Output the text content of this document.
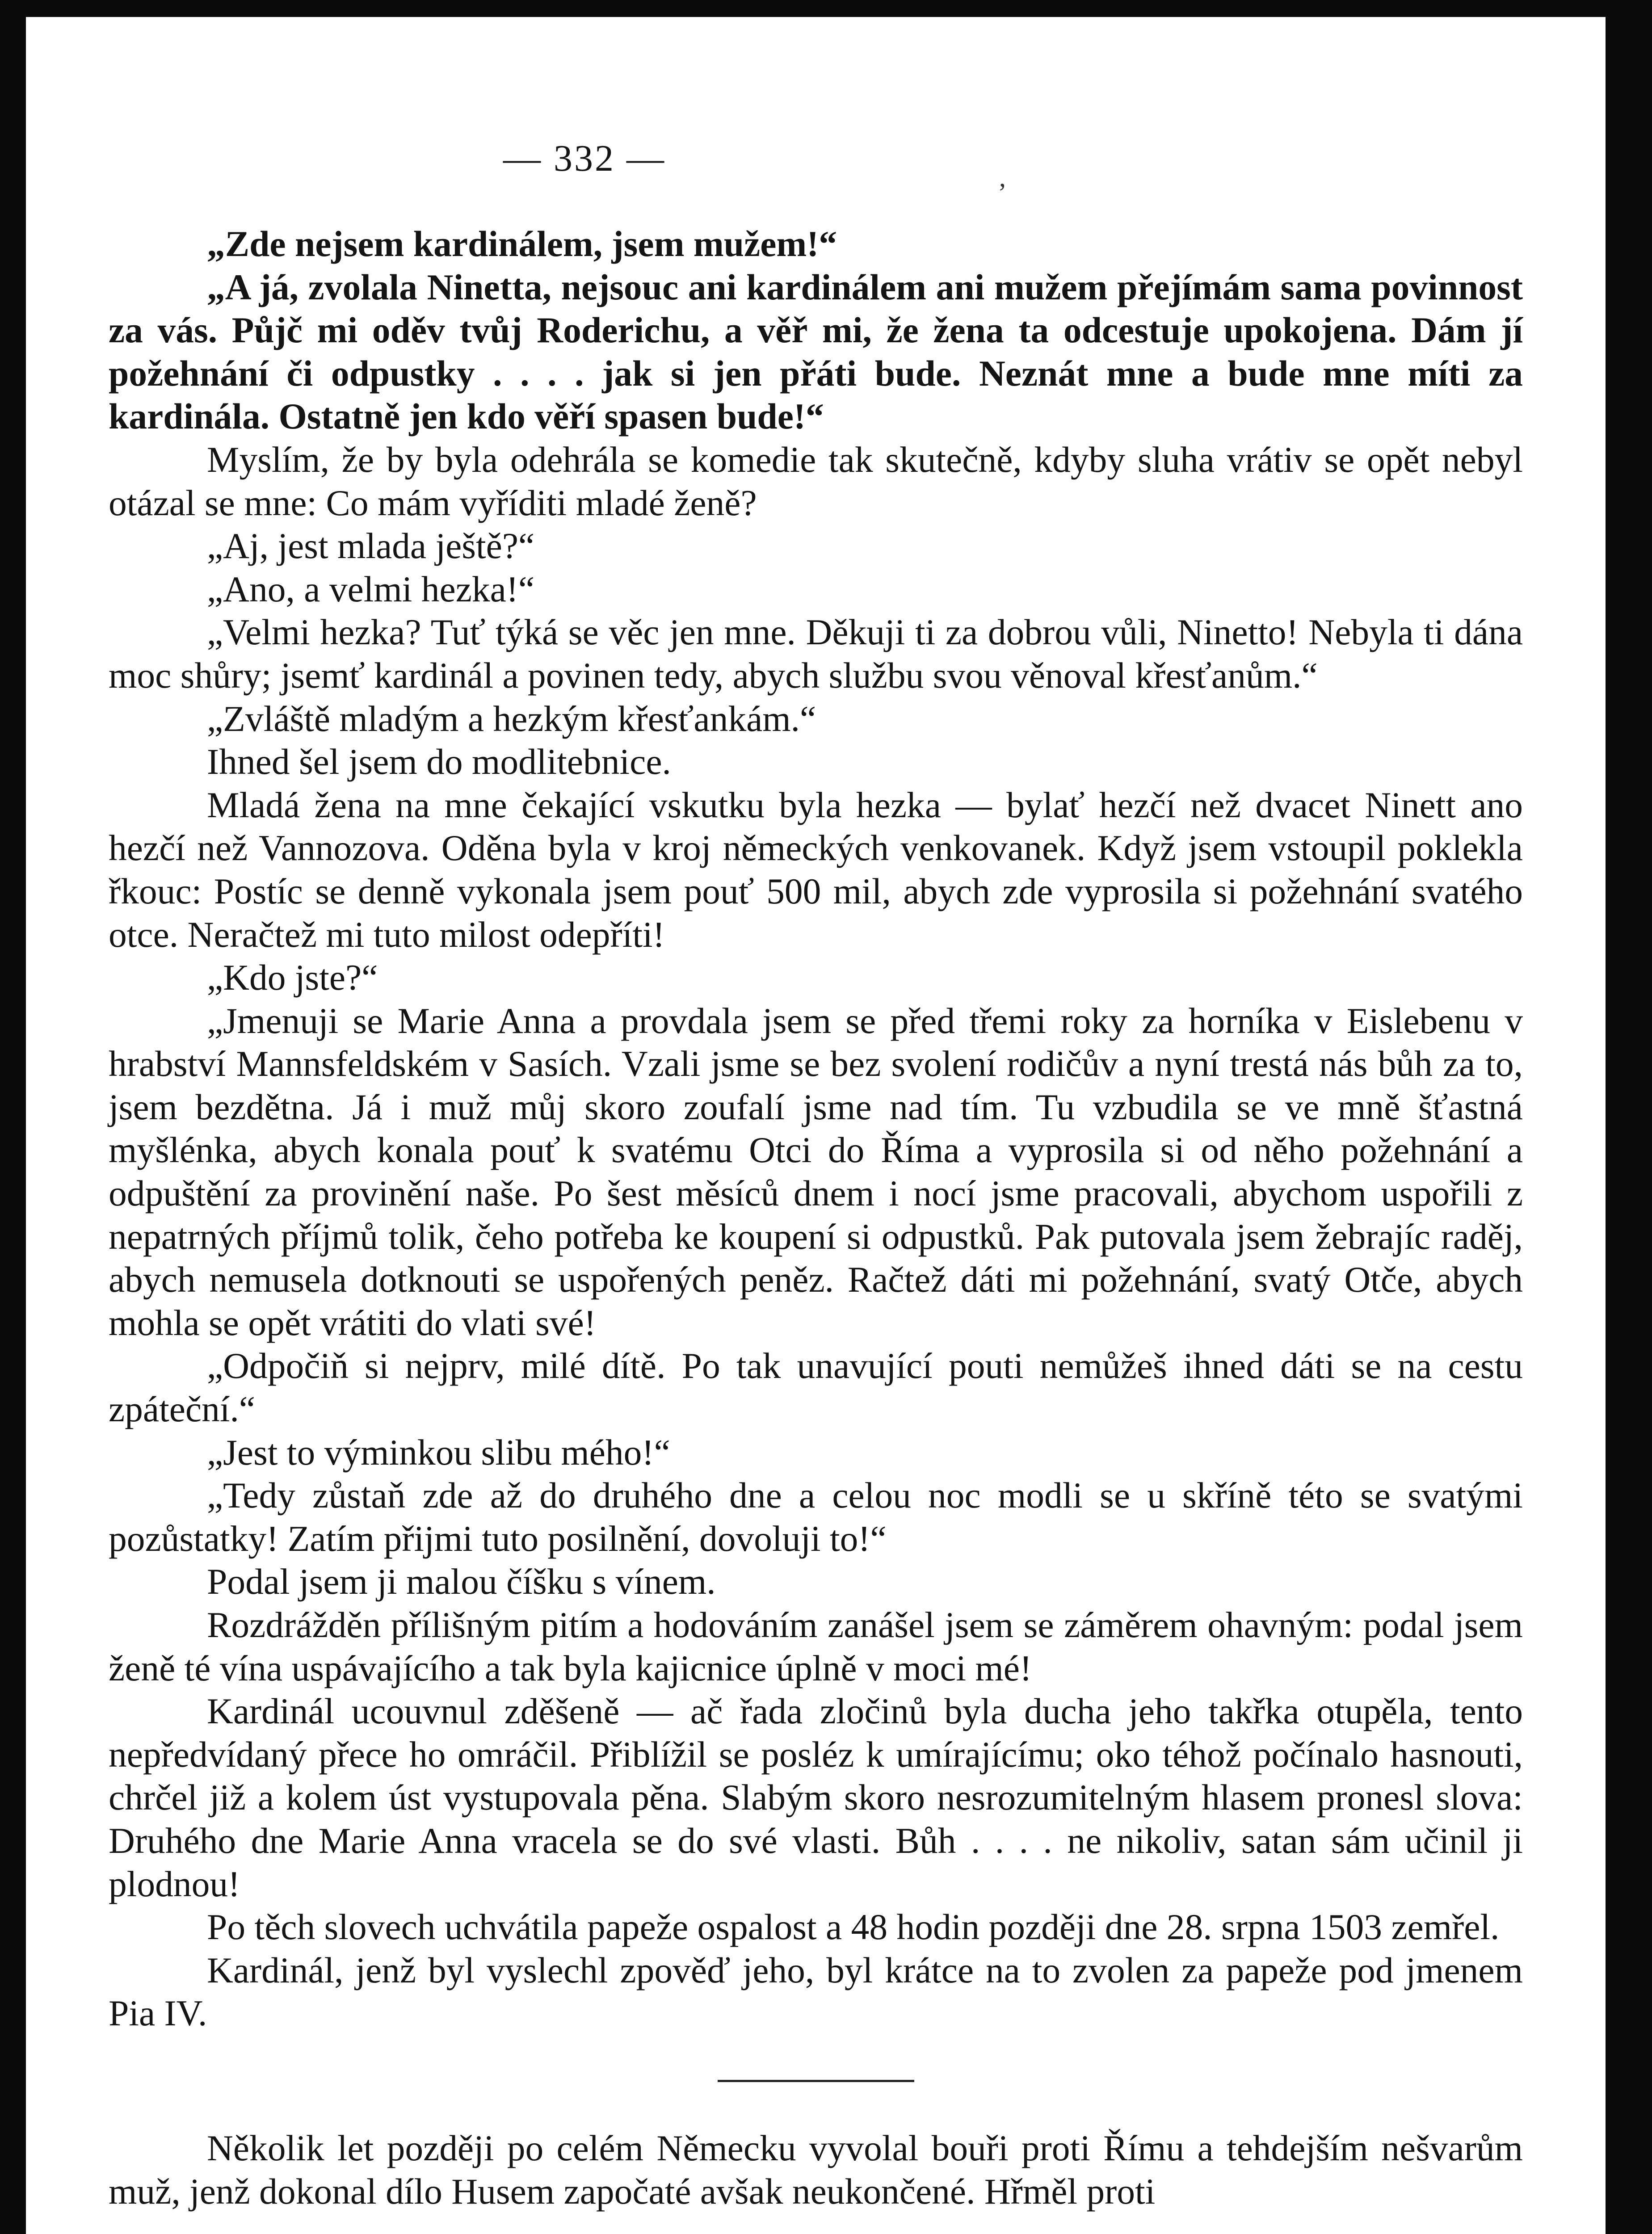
— 332 —	‚

„Zde nejsem kardinálem, jsem mužem!“

„A já, zvolala Ninetta, nejsouc ani kardinálem ani mužem přejímám sama povinnost za vás. Půjč mi oděv tvůj Roderichu, a věř mi, že žena ta odcestuje upokojena. Dám jí požehnání či odpustky . . . . jak si jen přáti bude. Neznát mne a bude mne míti za kardinála. Ostatně jen kdo věří spasen bude!“

Myslím, že by byla odehrála se komedie tak skutečně, kdyby sluha vrátiv se opět nebyl otázal se mne: Co mám vyříditi mladé ženě?

„Aj, jest mlada ještě?“

„Ano, a velmi hezka!“

„Velmi hezka? Tuť týká se věc jen mne. Děkuji ti za dobrou vůli, Ninetto! Nebyla ti dána moc shůry; jsemť kardinál a povinen tedy, abych službu svou věnoval křesťanům.“

„Zvláště mladým a hezkým křesťankám.“

Ihned šel jsem do modlitebnice.

Mladá žena na mne čekající vskutku byla hezka — bylať hezčí než dvacet Ninett ano hezčí než Vannozova. Oděna byla v kroj německých venkovanek. Když jsem vstoupil poklekla řkouc: Postíc se denně vykonala jsem pouť 500 mil, abych zde vyprosila si požehnání svatého otce. Neračtež mi tuto milost odepříti!

„Kdo jste?“

„Jmenuji se Marie Anna a provdala jsem se před třemi roky za horníka v Eislebenu v hrabství Mannsfeldském v Sasích. Vzali jsme se bez svolení rodičův a nyní trestá nás bůh za to, jsem bezdětna. Já i muž můj skoro zoufalí jsme nad tím. Tu vzbudila se ve mně šťastná myšlénka, abych konala pouť k svatému Otci do Říma a vyprosila si od něho požehnání a odpuštění za provinění naše. Po šest měsíců dnem i nocí jsme pracovali, abychom uspořili z nepatrných příjmů tolik, čeho potřeba ke koupení si odpustků. Pak putovala jsem žebrajíc raděj, abych nemusela dotknouti se uspořených peněz. Račtež dáti mi požehnání, svatý Otče, abych mohla se opět vrátiti do vlati své!

„Odpočiň si nejprv, milé dítě. Po tak unavující pouti nemůžeš ihned dáti se na cestu zpáteční.“

„Jest to výminkou slibu mého!“

„Tedy zůstaň zde až do druhého dne a celou noc modli se u skříně této se svatými pozůstatky! Zatím přijmi tuto posilnění, dovoluji to!“

Podal jsem ji malou číšku s vínem.

Rozdrážděn přílišným pitím a hodováním zanášel jsem se záměrem ohavným: podal jsem ženě té vína uspávajícího a tak byla kajicnice úplně v moci mé!

Kardinál ucouvnul zděšeně — ač řada zločinů byla ducha jeho takřka otupěla, tento nepředvídaný přece ho omráčil. Přiblížil se posléz k umírajícímu; oko téhož počínalo hasnouti, chrčel již a kolem úst vystupovala pěna. Slabým skoro nesrozumitelným hlasem pronesl slova: Druhého dne Marie Anna vracela se do své vlasti. Bůh . . . . ne nikoliv, satan sám učinil ji plodnou!

Po těch slovech uchvátila papeže ospalost a 48 hodin později dne 28. srpna 1503 zemřel.

Kardinál, jenž byl vyslechl zpověď jeho, byl krátce na to zvolen za papeže pod jmenem Pia IV.

Několik let později po celém Německu vyvolal bouři proti Římu a tehdejším nešvarům muž, jenž dokonal dílo Husem započaté avšak neukončené. Hřměl proti
